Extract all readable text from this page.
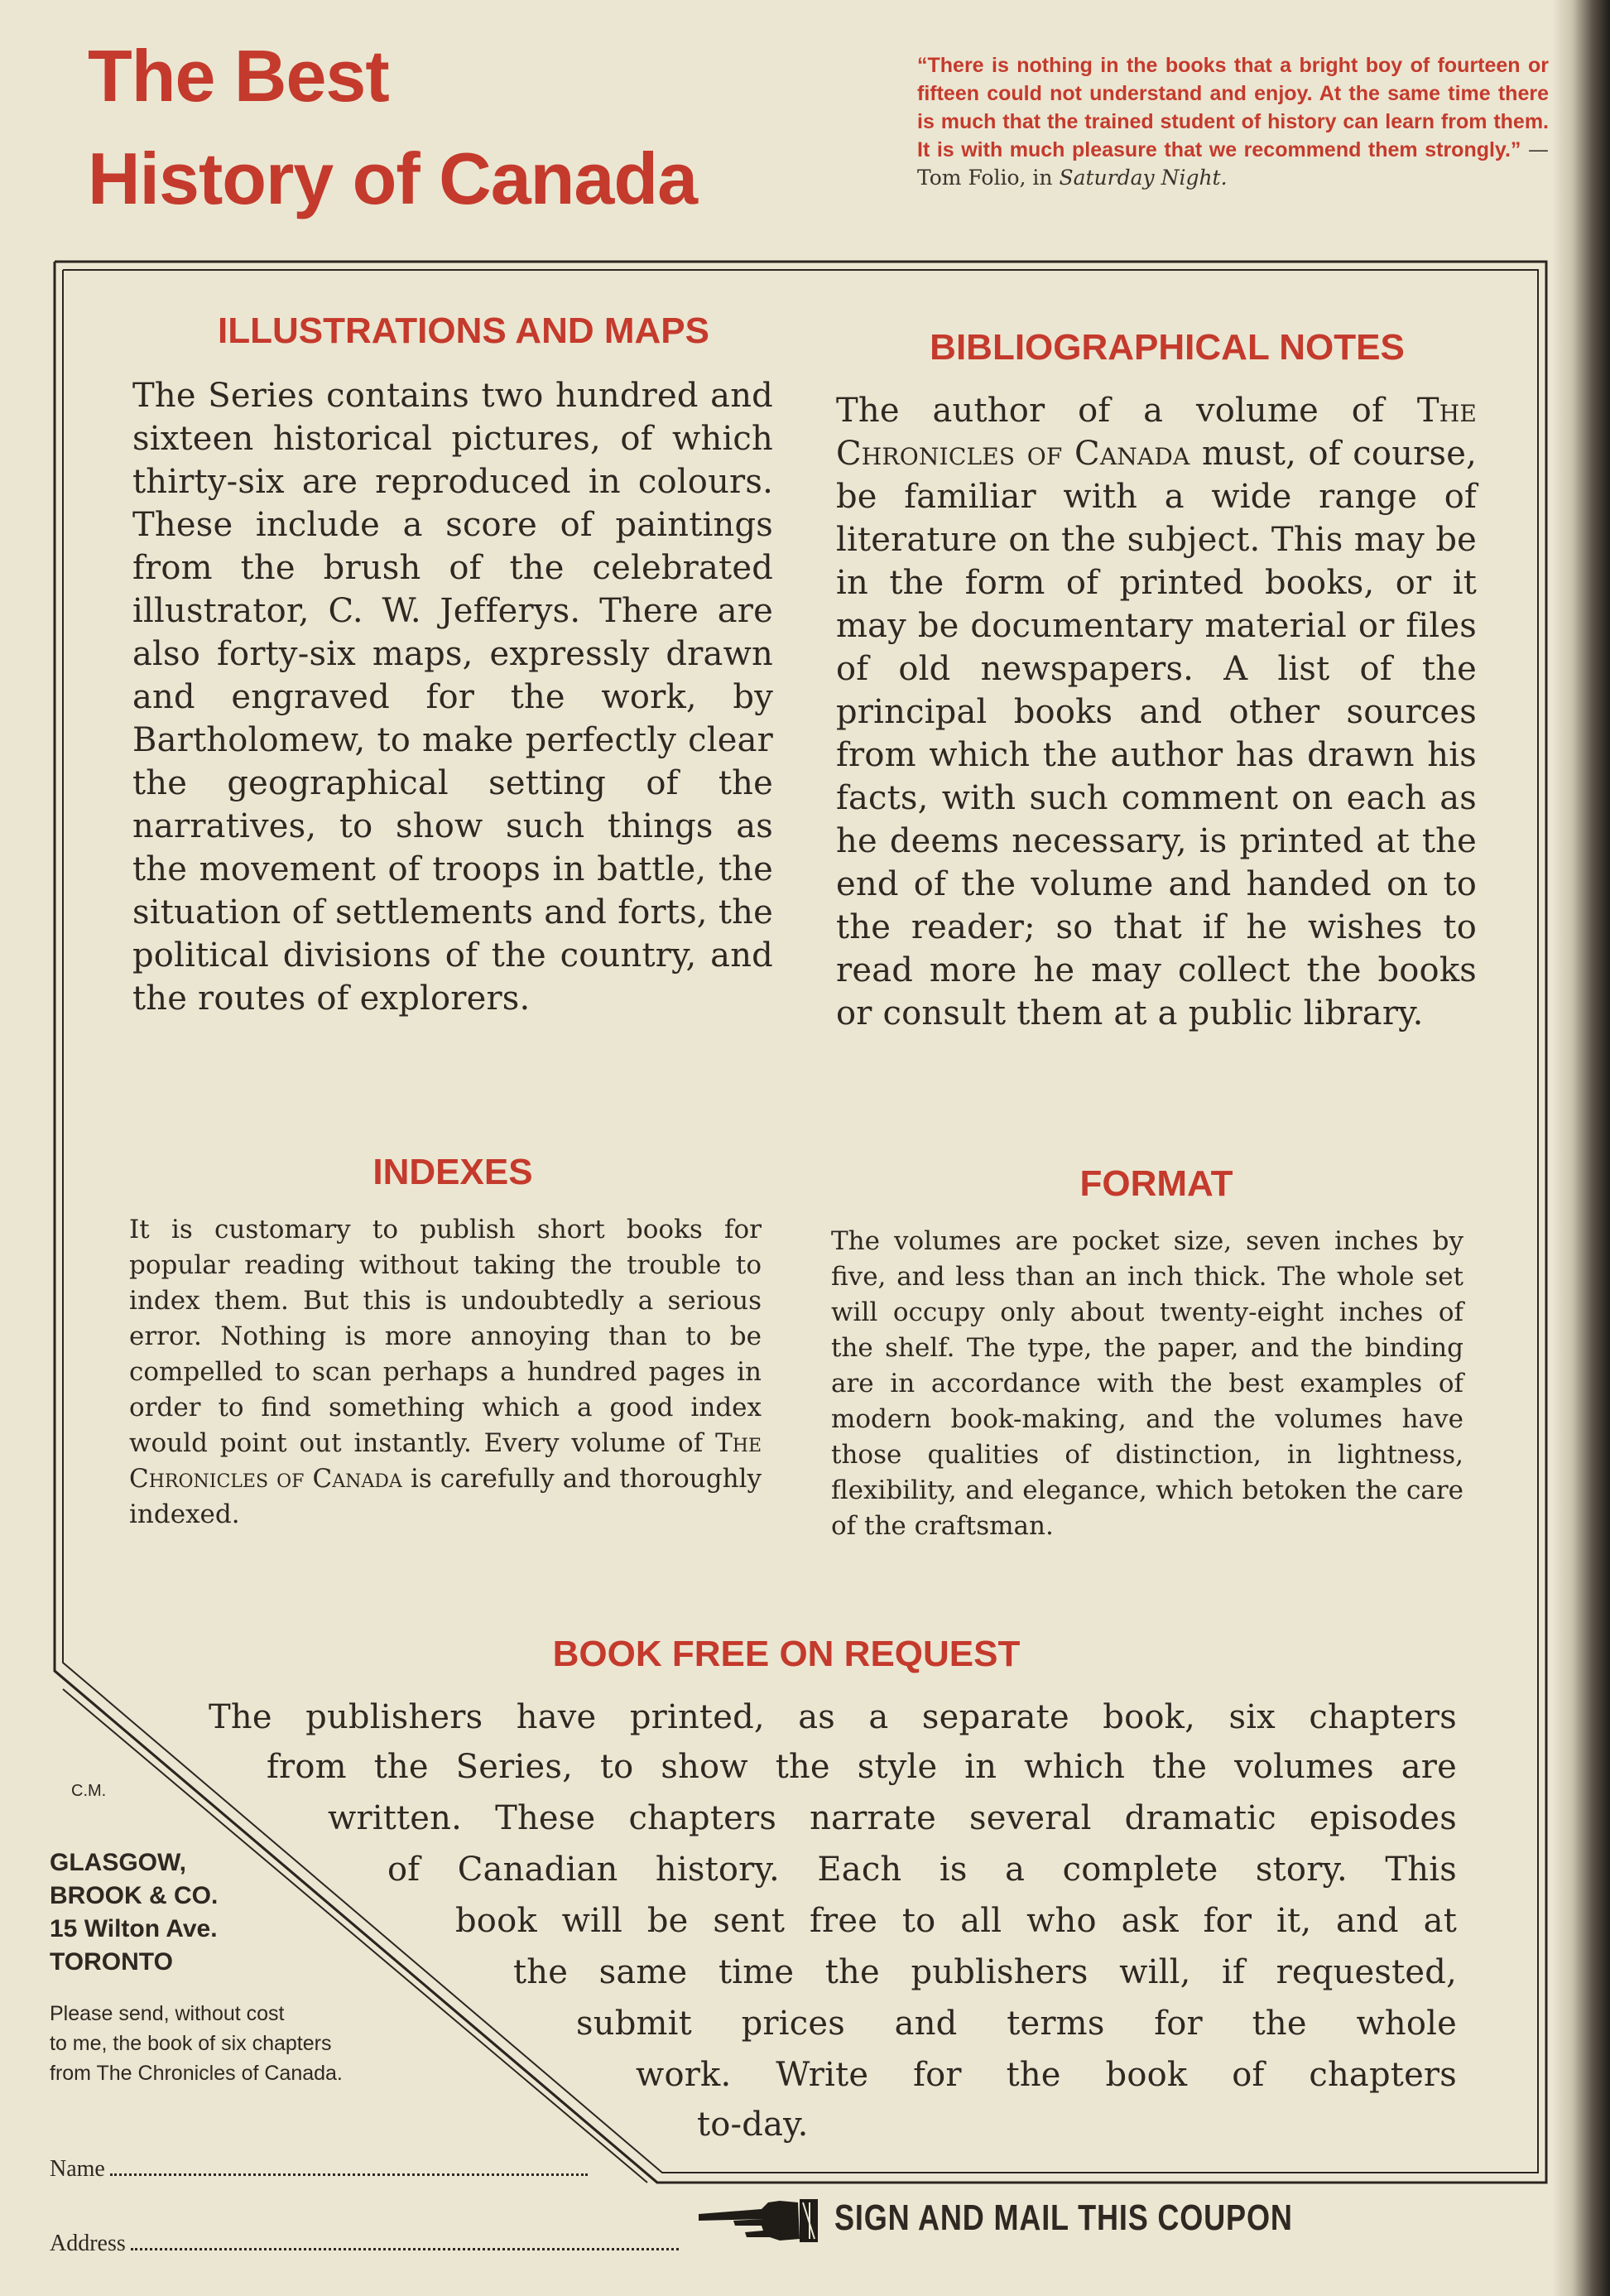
The Best
History of Canada
“There is nothing in the books that a bright boy of fourteen or fifteen could not understand and enjoy. At the same time there is much that the trained student of history can learn from them. It is with much pleasure that we recommend them strongly.” — Tom Folio, in Saturday Night.
ILLUSTRATIONS AND MAPS
The Series contains two hundred and sixteen historical pictures, of which thirty-six are reproduced in colours. These include a score of paintings from the brush of the celebrated illustrator, C. W. Jefferys. There are also forty-six maps, expressly drawn and engraved for the work, by Bartholomew, to make perfectly clear the geographical setting of the narratives, to show such things as the movement of troops in battle, the situation of settlements and forts, the political divisions of the country, and the routes of explorers.
BIBLIOGRAPHICAL NOTES
The author of a volume of The Chronicles of Canada must, of course, be familiar with a wide range of literature on the subject. This may be in the form of printed books, or it may be documentary material or files of old newspapers. A list of the principal books and other sources from which the author has drawn his facts, with such comment on each as he deems necessary, is printed at the end of the volume and handed on to the reader; so that if he wishes to read more he may collect the books or consult them at a public library.
INDEXES
It is customary to publish short books for popular reading without taking the trouble to index them. But this is undoubtedly a serious error. Nothing is more annoying than to be compelled to scan perhaps a hundred pages in order to find something which a good index would point out instantly. Every volume of The Chronicles of Canada is carefully and thoroughly indexed.
FORMAT
The volumes are pocket size, seven inches by five, and less than an inch thick. The whole set will occupy only about twenty-eight inches of the shelf. The type, the paper, and the binding are in accordance with the best examples of modern book-making, and the volumes have those qualities of distinction, in lightness, flexibility, and elegance, which betoken the care of the craftsman.
BOOK FREE ON REQUEST
The publishers have printed, as a separate book, six chapters
from the Series, to show the style in which the volumes are
written. These chapters narrate several dramatic episodes
of Canadian history. Each is a complete story. This
book will be sent free to all who ask for it, and at
the same time the publishers will, if requested,
submit prices and terms for the whole
work. Write for the book of chapters
to-day.
C.M.
GLASGOW,
BROOK & CO.
15 Wilton Ave.
TORONTO
Please send, without cost
to me, the book of six chapters
from The Chronicles of Canada.
Name
Address
SIGN AND MAIL THIS COUPON
